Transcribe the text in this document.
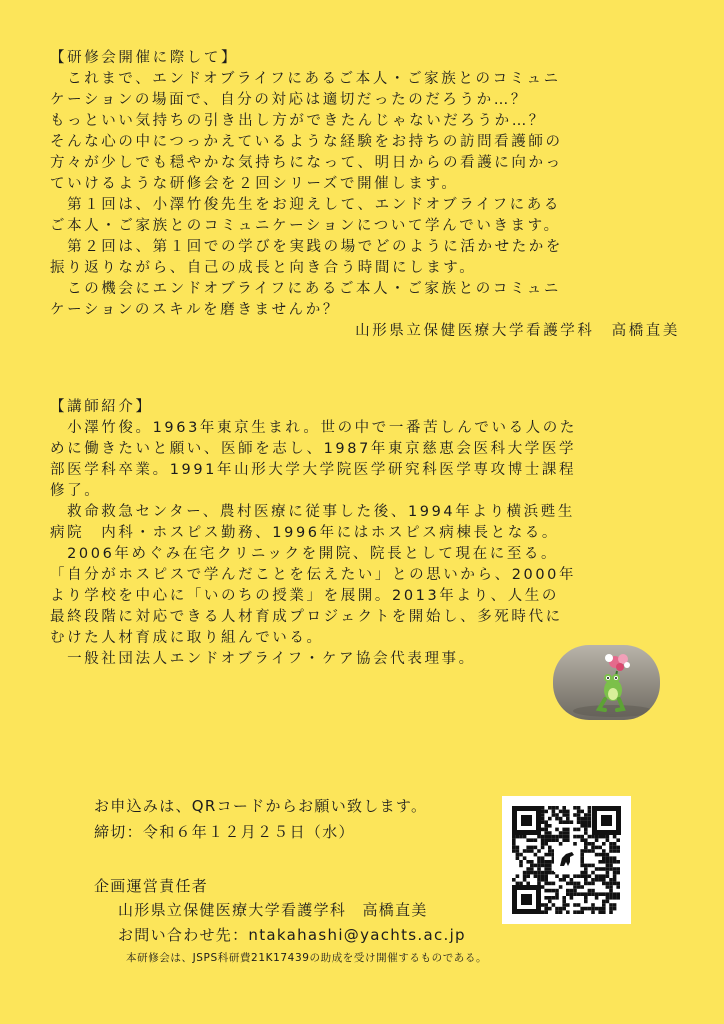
【研修会開催に際して】
　これまで、エンドオブライフにあるご本人・ご家族とのコミュニ
ケーションの場面で、自分の対応は適切だったのだろうか…？
もっといい気持ちの引き出し方ができたんじゃないだろうか…？
そんな心の中につっかえているような経験をお持ちの訪問看護師の
方々が少しでも穏やかな気持ちになって、明日からの看護に向かっ
ていけるような研修会を２回シリーズで開催します。
　第１回は、小澤竹俊先生をお迎えして、エンドオブライフにある
ご本人・ご家族とのコミュニケーションについて学んでいきます。
　第２回は、第１回での学びを実践の場でどのように活かせたかを
振り返りながら、自己の成長と向き合う時間にします。
　この機会にエンドオブライフにあるご本人・ご家族とのコミュニ
ケーションのスキルを磨きませんか？
山形県立保健医療大学看護学科　高橋直美
【講師紹介】
　小澤竹俊。1963年東京生まれ。世の中で一番苦しんでいる人のた
めに働きたいと願い、医師を志し、1987年東京慈恵会医科大学医学
部医学科卒業。1991年山形大学大学院医学研究科医学専攻博士課程
修了。
　救命救急センター、農村医療に従事した後、1994年より横浜甦生
病院　内科・ホスピス勤務、1996年にはホスピス病棟長となる。
　2006年めぐみ在宅クリニックを開院、院長として現在に至る。
「自分がホスピスで学んだことを伝えたい」との思いから、2000年
より学校を中心に「いのちの授業」を展開。2013年より、人生の
最終段階に対応できる人材育成プロジェクトを開始し、多死時代に
むけた人材育成に取り組んでいる。
　一般社団法人エンドオブライフ・ケア協会代表理事。
お申込みは、QRコードからお願い致します。
締切：令和６年１２月２５日（水）
企画運営責任者
山形県立保健医療大学看護学科　高橋直美
お問い合わせ先：ntakahashi@yachts.ac.jp
本研修会は、JSPS科研費21K17439の助成を受け開催するものである。
